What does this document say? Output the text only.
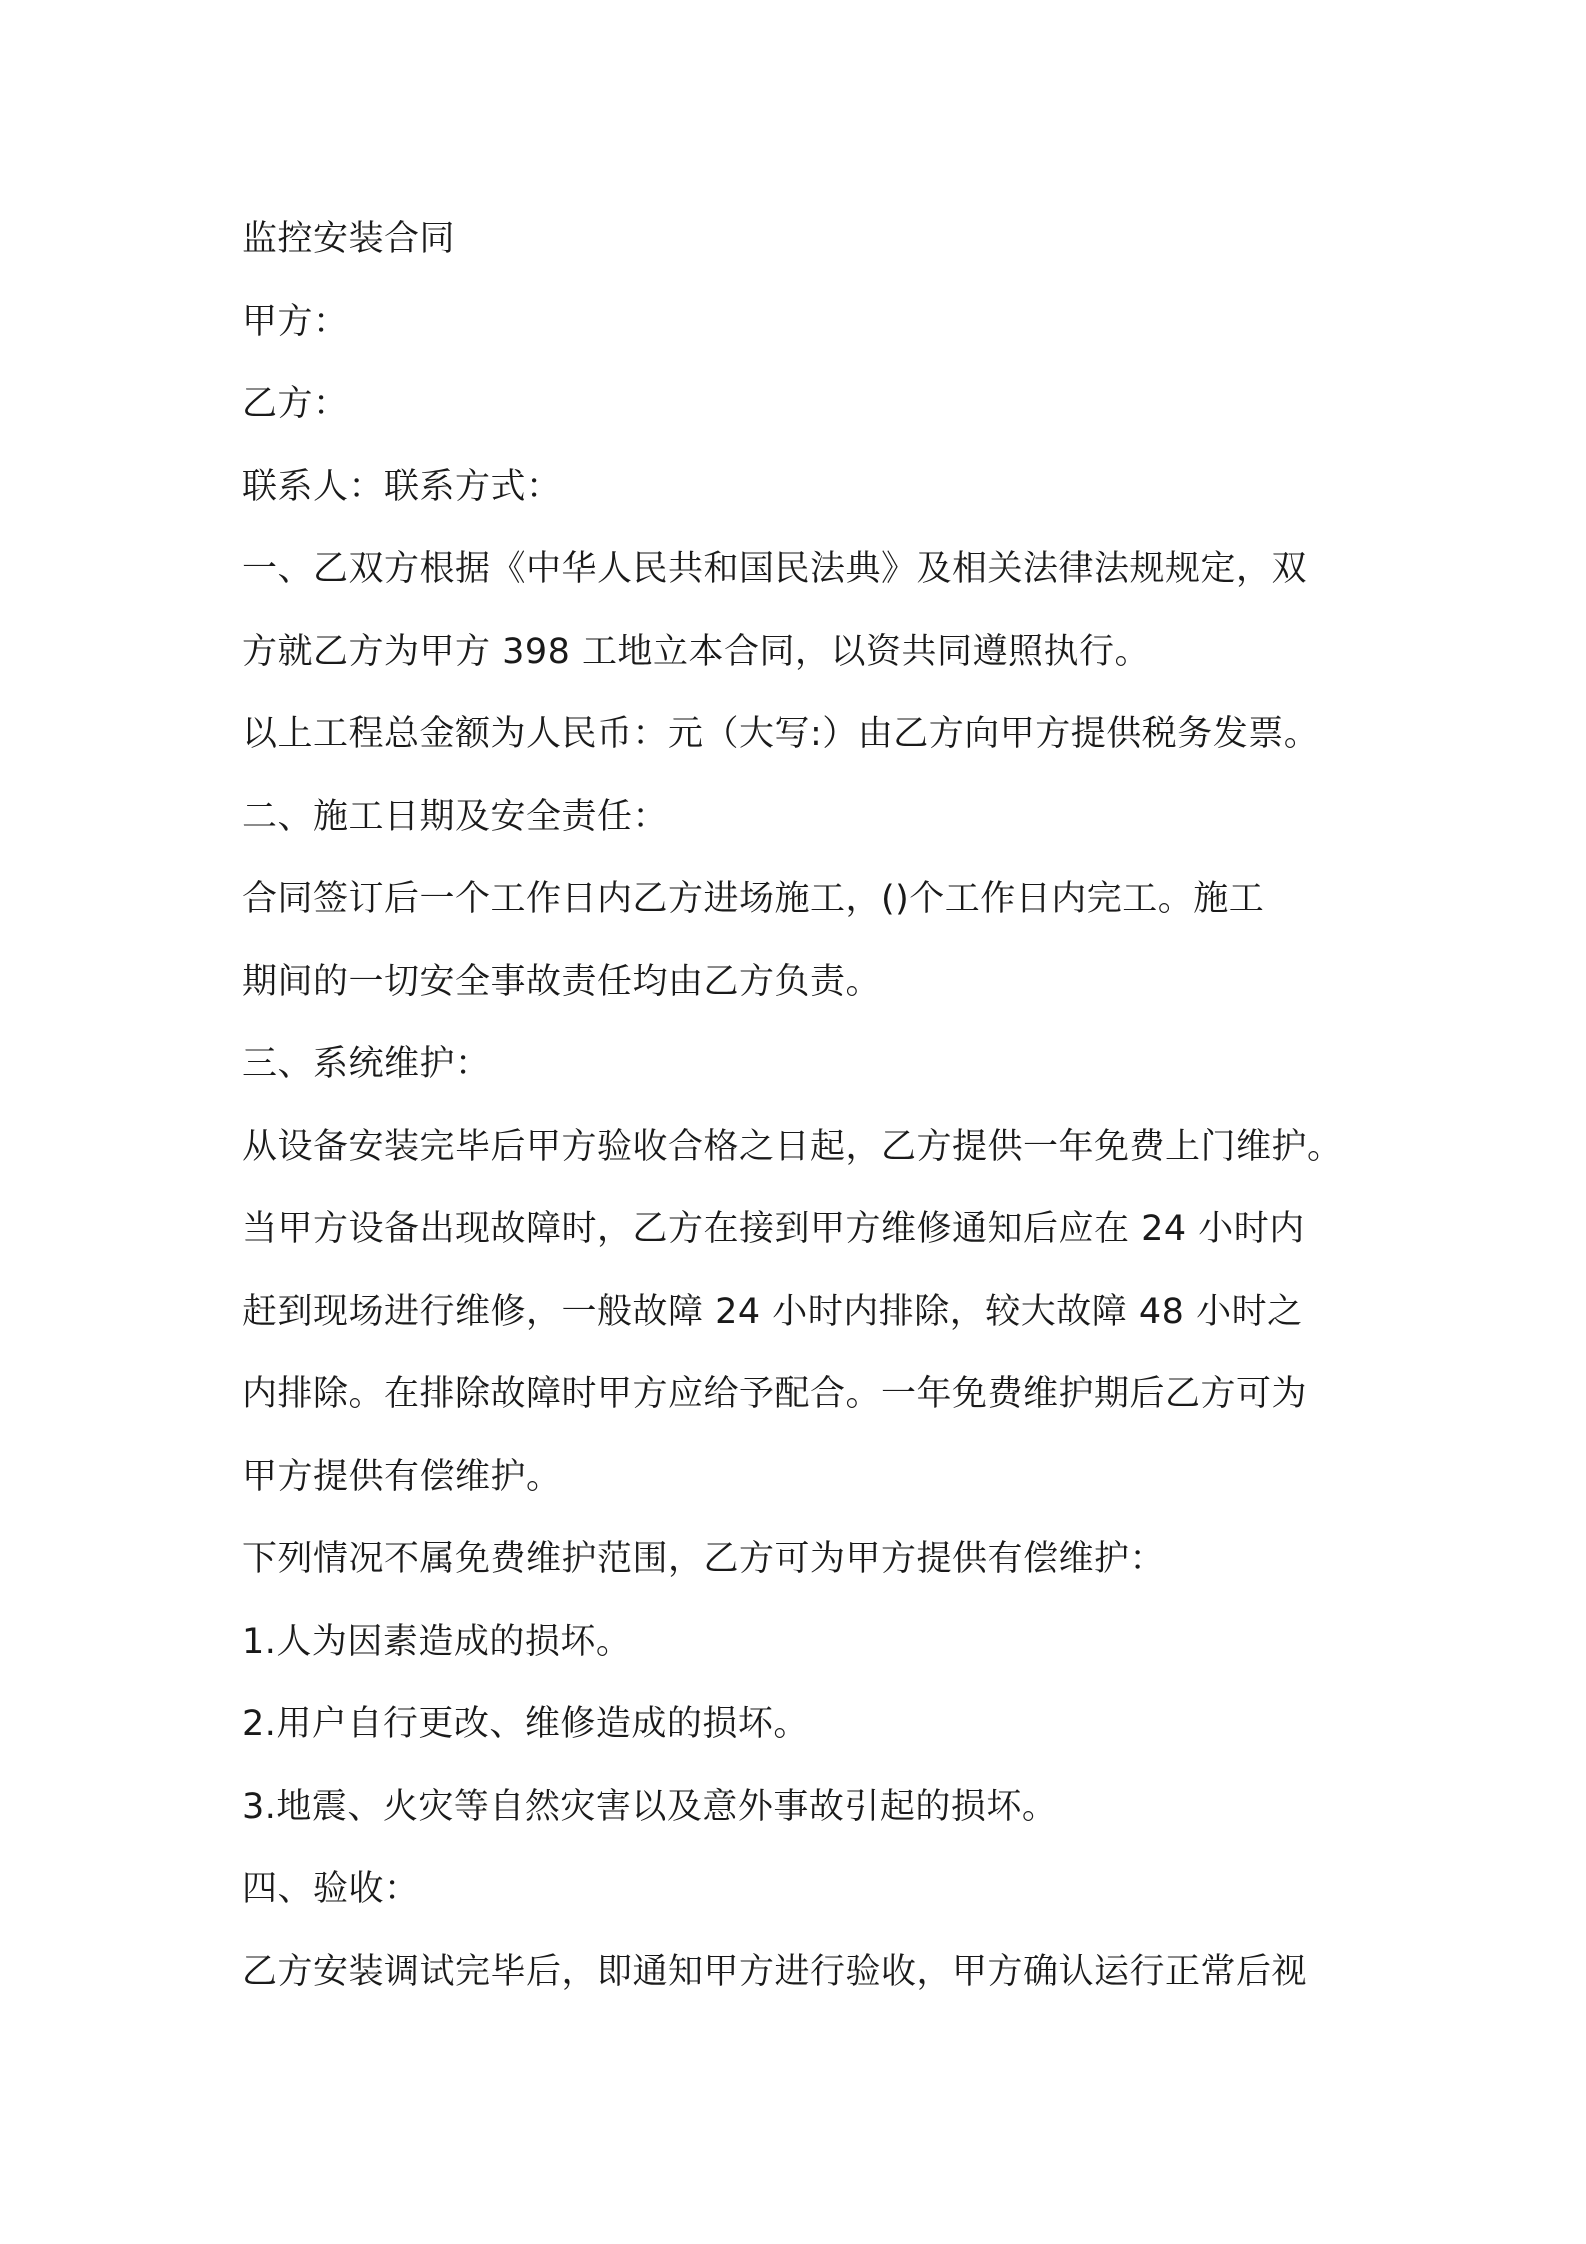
监控安装合同
甲方：
乙方：
联系人：联系方式：
一、乙双方根据《中华人民共和国民法典》及相关法律法规规定，双
方就乙方为甲方 398 工地立本合同，以资共同遵照执行。
以上工程总金额为人民币：元（大写:）由乙方向甲方提供税务发票。
二、施工日期及安全责任：
合同签订后一个工作日内乙方进场施工，()个工作日内完工。施工
期间的一切安全事故责任均由乙方负责。
三、系统维护：
从设备安装完毕后甲方验收合格之日起，乙方提供一年免费上门维护。
当甲方设备出现故障时，乙方在接到甲方维修通知后应在 24 小时内
赶到现场进行维修，一般故障 24 小时内排除，较大故障 48 小时之
内排除。在排除故障时甲方应给予配合。一年免费维护期后乙方可为
甲方提供有偿维护。
下列情况不属免费维护范围，乙方可为甲方提供有偿维护：
1.人为因素造成的损坏。
2.用户自行更改、维修造成的损坏。
3.地震、火灾等自然灾害以及意外事故引起的损坏。
四、验收：
乙方安装调试完毕后，即通知甲方进行验收，甲方确认运行正常后视
